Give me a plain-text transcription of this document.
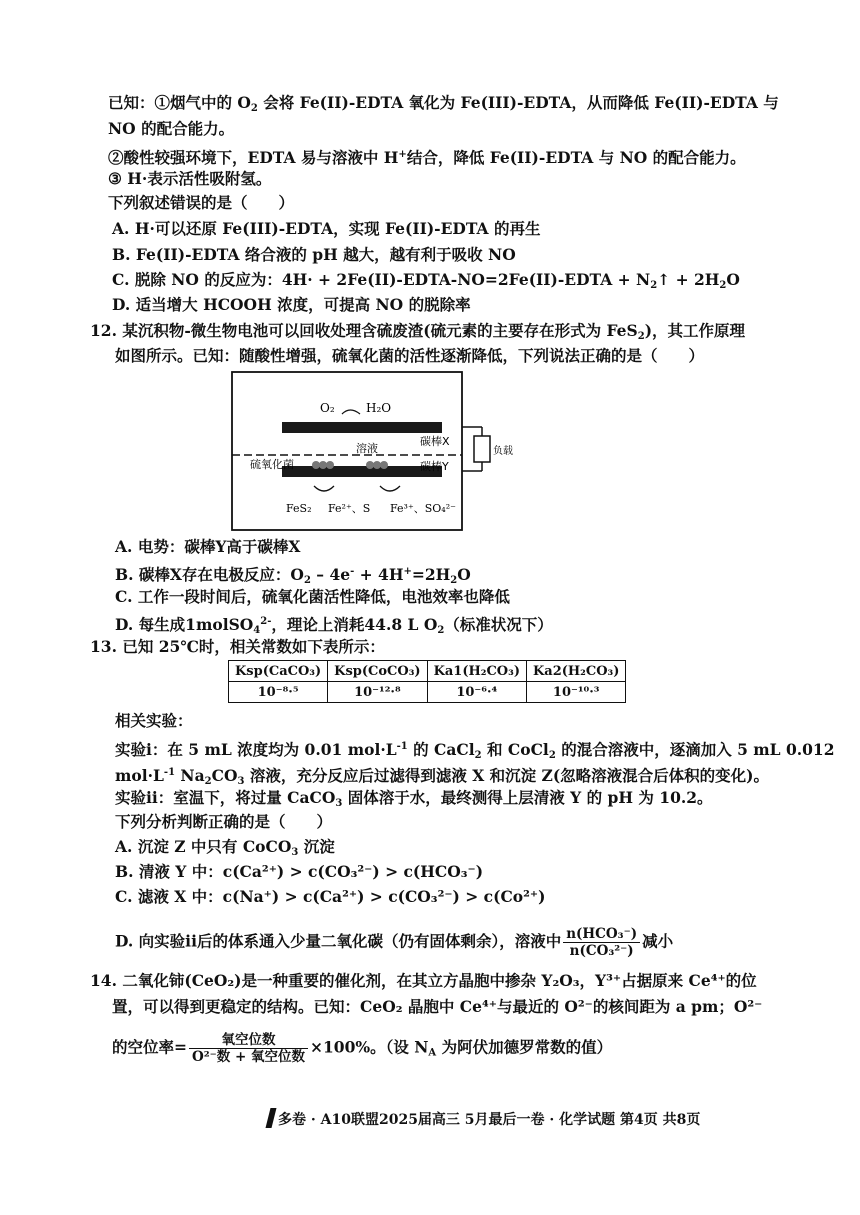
已知：①烟气中的 $O_2$ 会将 Fe(II)-EDTA 氧化为 Fe(III)-EDTA，从而降低 Fe(II)-EDTA 与
NO 的配合能力。
②酸性较强环境下，EDTA 易与溶液中 H+结合，降低 Fe(II)-EDTA 与 NO 的配合能力。
③ H·表示活性吸附氢。
下列叙述错误的是（　　）
A. H·可以还原 Fe(III)-EDTA，实现 Fe(II)-EDTA 的再生
B. Fe(II)-EDTA 络合液的 pH 越大，越有利于吸收 NO
C. 脱除 NO 的反应为：4H· + 2Fe(II)-EDTA-NO=2Fe(II)-EDTA + $N_2↑ + 2H_2O$
D. 适当增大 HCOOH 浓度，可提高 NO 的脱除率
12. 某沉积物-微生物电池可以回收处理含硫废渣(硫元素的主要存在形式为 FeS$_2$)，其工作原理
如图所示。已知：随酸性增强，硫氧化菌的活性逐渐降低，下列说法正确的是（　　）
O₂	H₂O
溶液
硫氧化菌
碳棒X
碳棒Y
FeS₂ Fe²⁺、S Fe³⁺、SO₄²⁻
负载
A. 电势：碳棒Y高于碳棒X
B. 碳棒X存在电极反应：$O_2 - 4e^- + 4H^+=2H_2O$
C. 工作一段时间后，硫氧化菌活性降低，电池效率也降低
D. 每生成1molSO$_4^{2-}$，理论上消耗44.8 L $O_2$（标准状况下）
13. 已知 25℃时，相关常数如下表所示：
Ksp(CaCO₃)	Ksp(CoCO₃)	Ka1(H₂CO₃)	Ka2(H₂CO₃)
10⁻⁸·⁵	10⁻¹²·⁸	10⁻⁶·⁴	10⁻¹⁰·³
相关实验：
实验i：在 5 mL 浓度均为 0.01 $mol\cdot L^{-1}$ 的 CaCl$_2$ 和 CoCl$_2$ 的混合溶液中，逐滴加入 5 mL 0.012
$mol\cdot L^{-1}$ $Na_2CO_3$ 溶液，充分反应后过滤得到滤液 X 和沉淀 Z(忽略溶液混合后体积的变化)。
实验ii：室温下，将过量 CaCO$_3$ 固体溶于水，最终测得上层清液 Y 的 pH 为 10.2。
下列分析判断正确的是（　　）
A. 沉淀 Z 中只有 CoCO$_3$ 沉淀
B. 清液 Y 中：c(Ca²⁺) > c(CO₃²⁻) > c(HCO₃⁻)
C. 滤液 X 中：c(Na⁺) > c(Ca²⁺) > c(CO₃²⁻) > c(Co²⁺)
D. 向实验ii后的体系通入少量二氧化碳（仍有固体剩余），溶液中 $\frac{\text{n(HCO₃⁻)}}{\text{n(CO₃²⁻)}}$ 减小
14. 二氧化铈(CeO₂)是一种重要的催化剂，在其立方晶胞中掺杂 Y₂O₃，Y³⁺占据原来 Ce⁴⁺的位
置，可以得到更稳定的结构。已知：CeO₂ 晶胞中 Ce⁴⁺与最近的 O²⁻的核间距为 a pm；O²⁻
的空位率= $\frac{\text{氧空位数}}{\text{O²⁻数 + 氧空位数}} \times 100\%$。（设 $N_A$ 为阿伏加德罗常数的值）
多卷 · A10联盟2025届高三 5月最后一卷 · 化学试题 第4页 共8页
